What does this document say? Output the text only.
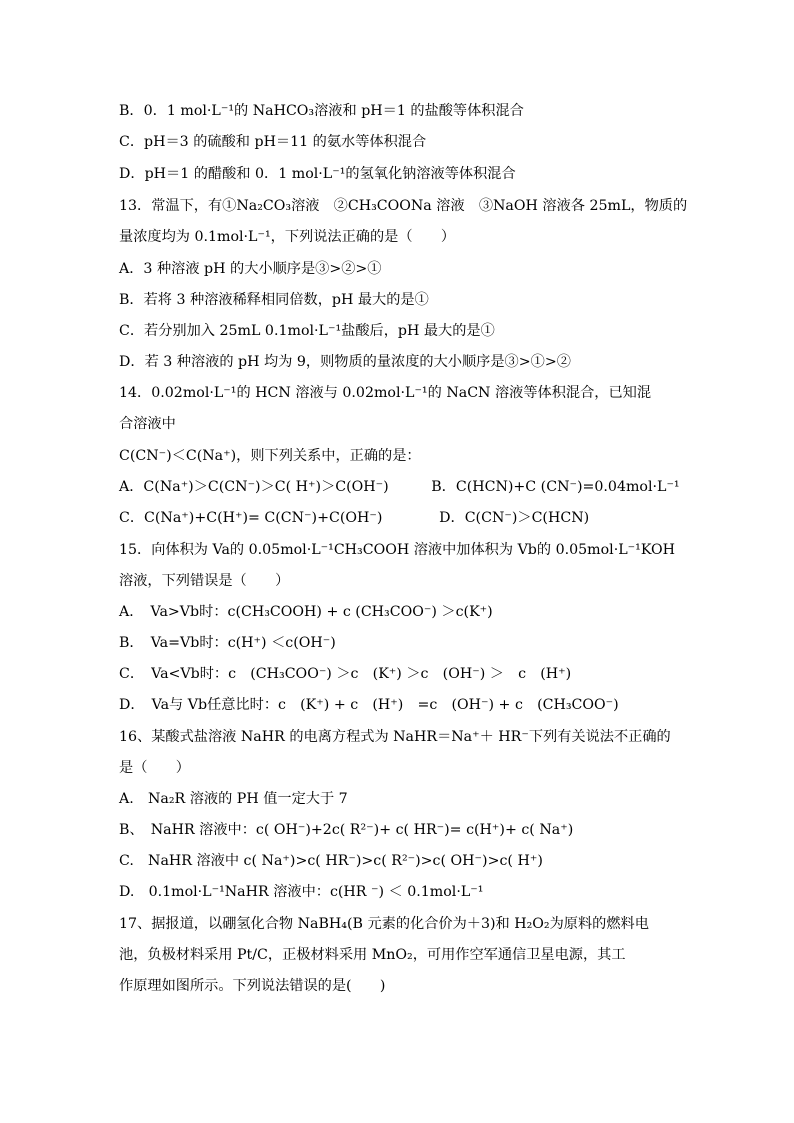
B．0．1 mol·L⁻¹的 NaHCO₃溶液和 pH＝1 的盐酸等体积混合
C．pH＝3 的硫酸和 pH＝11 的氨水等体积混合
D．pH＝1 的醋酸和 0．1 mol·L⁻¹的氢氧化钠溶液等体积混合
13．常温下，有①Na₂CO₃溶液　②CH₃COONa 溶液　③NaOH 溶液各 25mL，物质的
量浓度均为 0.1mol·L⁻¹，下列说法正确的是（　　）
A．3 种溶液 pH 的大小顺序是③>②>①
B．若将 3 种溶液稀释相同倍数，pH 最大的是①
C．若分别加入 25mL 0.1mol·L⁻¹盐酸后，pH 最大的是①
D．若 3 种溶液的 pH 均为 9，则物质的量浓度的大小顺序是③>①>②
14．0.02mol·L⁻¹的 HCN 溶液与 0.02mol·L⁻¹的 NaCN 溶液等体积混合，已知混
合溶液中
C(CN⁻)＜C(Na⁺)，则下列关系中，正确的是：
A．C(Na⁺)＞C(CN⁻)＞C( H⁺)＞C(OH⁻)　　　B．C(HCN)+C (CN⁻)=0.04mol·L⁻¹
C．C(Na⁺)+C(H⁺)= C(CN⁻)+C(OH⁻)　　　　D．C(CN⁻)＞C(HCN)
15．向体积为 Va的 0.05mol·L⁻¹CH₃COOH 溶液中加体积为 Vb的 0.05mol·L⁻¹KOH
溶液，下列错误是（　　）
A．　Va>Vb时：c(CH₃COOH) + c (CH₃COO⁻) ＞c(K⁺)
B．　Va=Vb时：c(H⁺) ＜c(OH⁻)
C．　Va<Vb时：c　(CH₃COO⁻) ＞c　(K⁺) ＞c　(OH⁻) ＞　c　(H⁺)
D．　Va与 Vb任意比时：c　(K⁺) + c　(H⁺)　=c　(OH⁻) + c　(CH₃COO⁻)
16、某酸式盐溶液 NaHR 的电离方程式为 NaHR＝Na⁺＋ HR⁻下列有关说法不正确的
是（　　）
A.　Na₂R 溶液的 PH 值一定大于 7
B、　NaHR 溶液中：c( OH⁻)+2c( R²⁻)+ c( HR⁻)= c(H⁺)+ c( Na⁺)
C.　NaHR 溶液中 c( Na⁺)>c( HR⁻)>c( R²⁻)>c( OH⁻)>c( H⁺)
D.　0.1mol·L⁻¹NaHR 溶液中：c(HR ⁻) ＜ 0.1mol·L⁻¹
17、据报道，以硼氢化合物 NaBH₄(B 元素的化合价为＋3)和 H₂O₂为原料的燃料电
池，负极材料采用 Pt/C，正极材料采用 MnO₂，可用作空军通信卫星电源，其工
作原理如图所示。下列说法错误的是(　　)
